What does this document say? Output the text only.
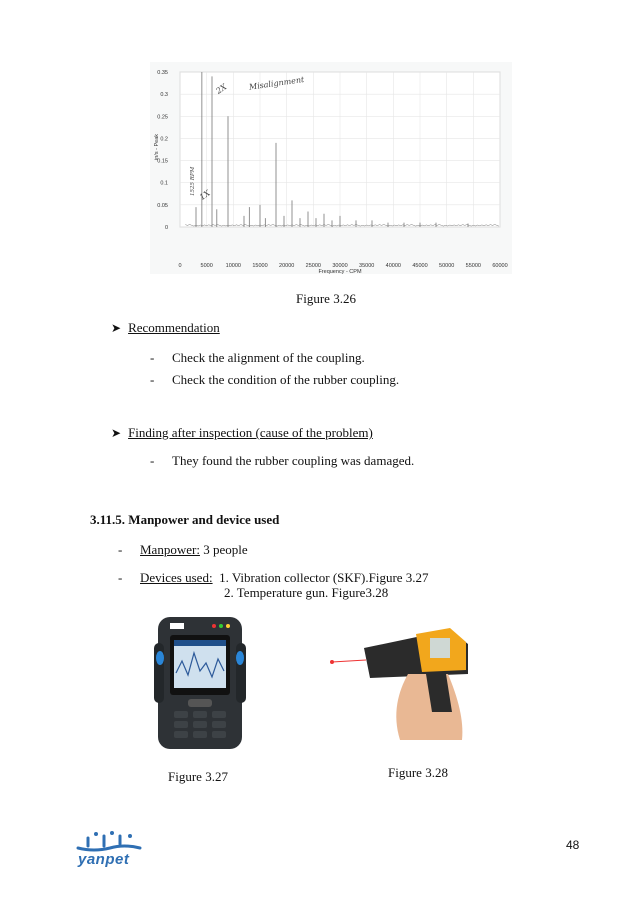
0	5000 10000 15000 20000 25000 30000 35000 40000 45000 50000 55000 60000
0
0.05
0.1
0.15
0.2
0.25
0.3
0.35
Frequency - CPM
in/s - Peak
1X
1525 RPM
2X Misalignment
Figure 3.26
➤ Recommendation
-	Check the alignment of the coupling.
-	Check the condition of the rubber coupling.
➤ Finding after inspection (cause of the problem)
-	They found the rubber coupling was damaged.
3.11.5. Manpower and device used
-	Manpower:
3 people
-	Devices used:
1. Vibration collector (SKF).Figure 3.27
2. Temperature gun. Figure3.28
Figure 3.27	Figure 3.28
48
yanpet
